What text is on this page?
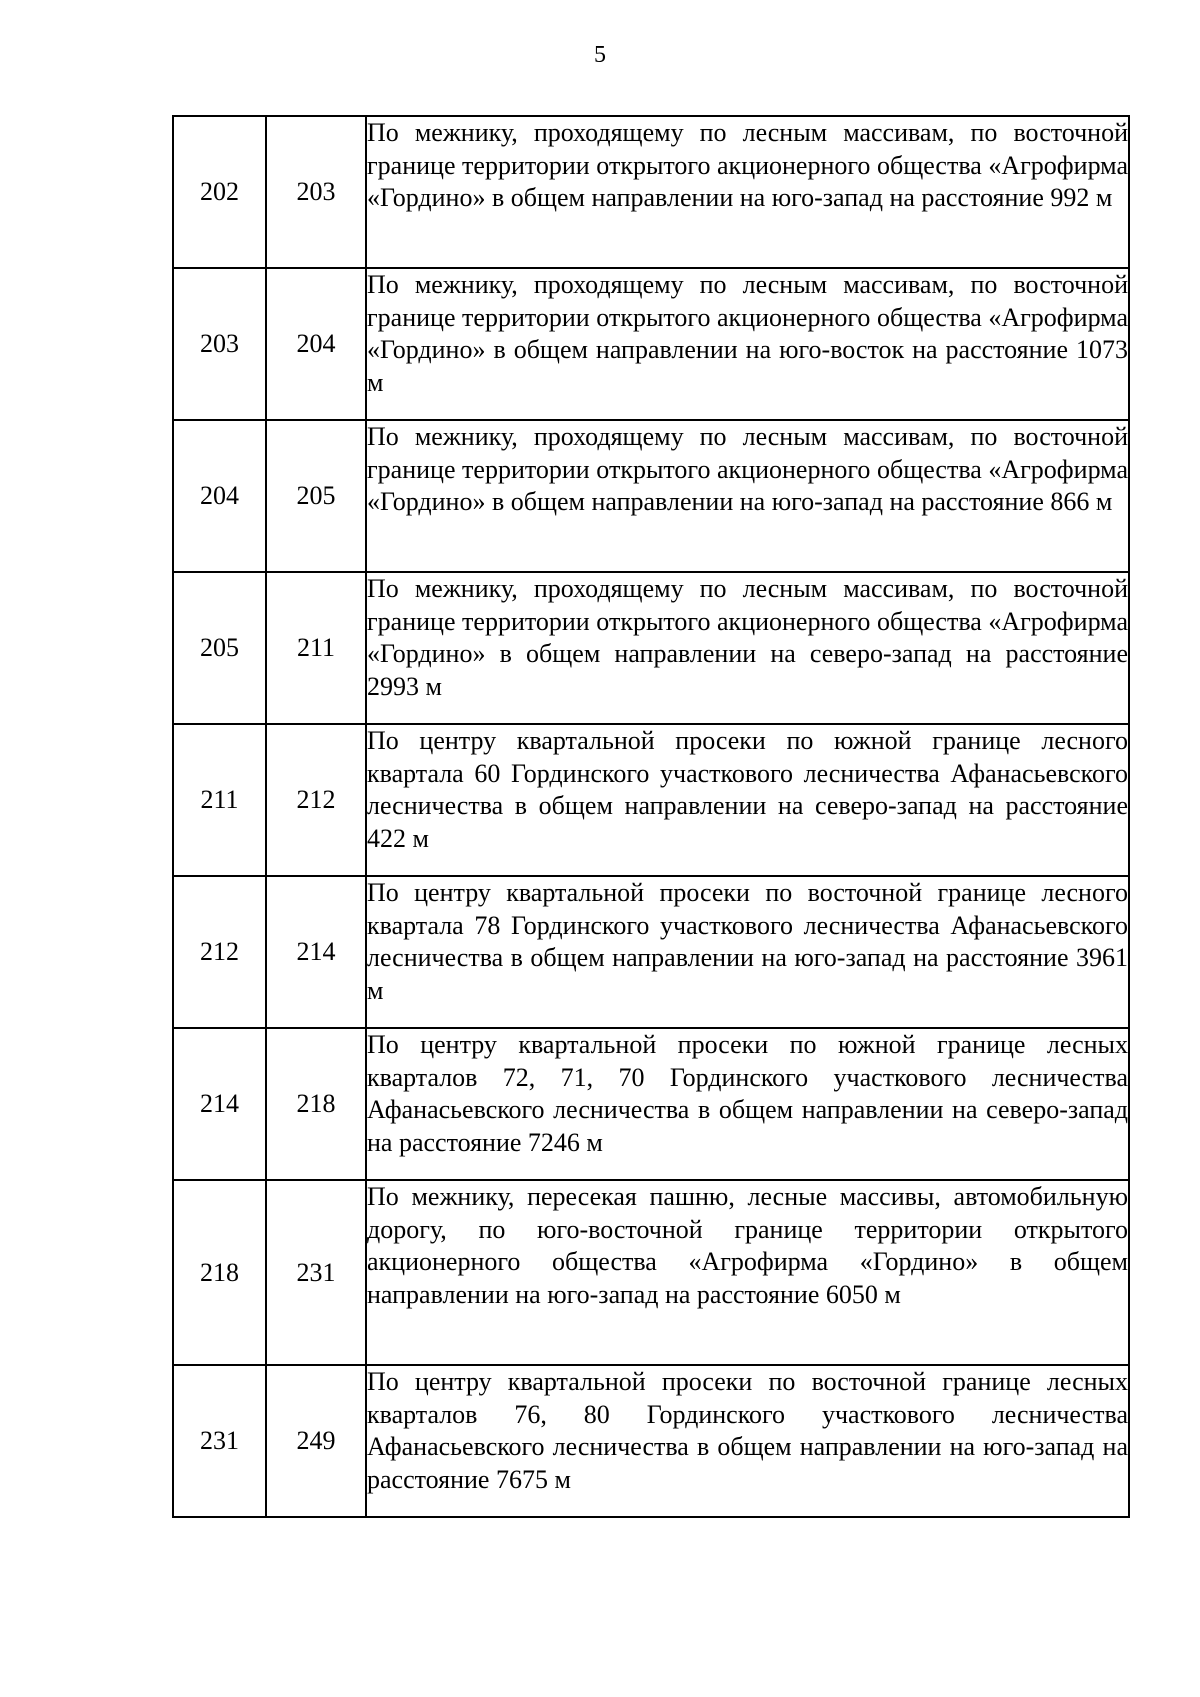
5
202	203	По межнику, проходящему по лесным массивам, по восточной границе территории открытого акционерного общества «Агрофирма «Гордино» в общем направлении на юго-запад на расстояние 992 м
203	204	По межнику, проходящему по лесным массивам, по восточной границе территории открытого акционерного общества «Агрофирма «Гордино» в общем направлении на юго-восток на расстояние 1073 м
204	205	По межнику, проходящему по лесным массивам, по восточной границе территории открытого акционерного общества «Агрофирма «Гордино» в общем направлении на юго-запад на расстояние 866 м
205	211	По межнику, проходящему по лесным массивам, по восточной границе территории открытого акционерного общества «Агрофирма «Гордино» в общем направлении на северо-запад на расстояние 2993 м
211	212	По центру квартальной просеки по южной границе лесного квартала 60 Гординского участкового лесничества Афанасьевского лесничества в общем направлении на северо-запад на расстояние 422 м
212	214	По центру квартальной просеки по восточной границе лесного квартала 78 Гординского участкового лесничества Афанасьевского лесничества в общем направлении на юго-запад на расстояние 3961 м
214	218	По центру квартальной просеки по южной границе лесных кварталов 72, 71, 70 Гординского участкового лесничества Афанасьевского лесничества в общем направлении на северо-запад на расстояние 7246 м
218	231	По межнику, пересекая пашню, лесные массивы, автомобильную дорогу, по юго-восточной границе территории открытого акционерного общества «Агрофирма «Гордино» в общем направлении на юго-запад на расстояние 6050 м
231	249	По центру квартальной просеки по восточной границе лесных кварталов 76, 80 Гординского участкового лесничества Афанасьевского лесничества в общем направлении на юго-запад на расстояние 7675 м
